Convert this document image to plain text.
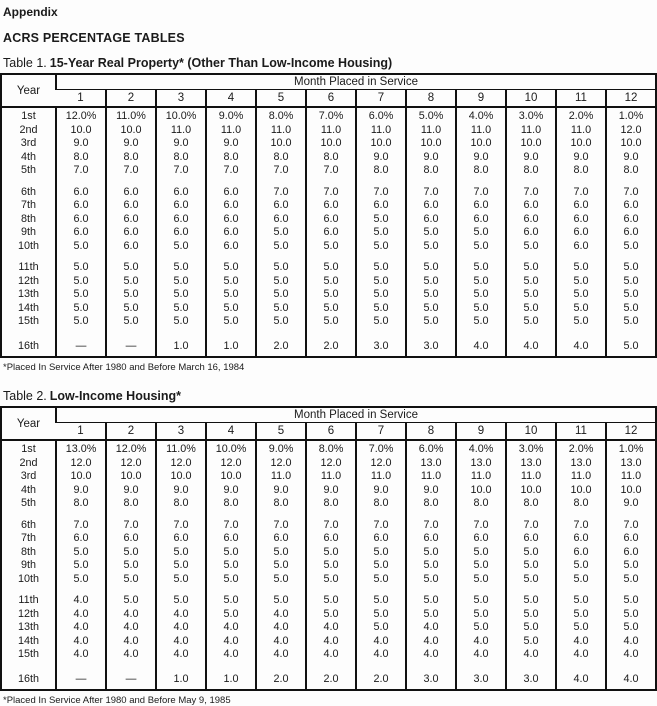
Appendix
ACRS PERCENTAGE TABLES
Table 1. 15-Year Real Property* (Other Than Low-Income Housing)
Year	Month Placed in Service											
	1	2	3	4	5	6	7	8	9	10	11	12
1st	12.0%	11.0%	10.0%	9.0%	8.0%	7.0%	6.0%	5.0%	4.0%	3.0%	2.0%	1.0%
2nd	10.0	10.0	11.0	11.0	11.0	11.0	11.0	11.0	11.0	11.0	11.0	12.0
3rd	9.0	9.0	9.0	9.0	10.0	10.0	10.0	10.0	10.0	10.0	10.0	10.0
4th	8.0	8.0	8.0	8.0	8.0	8.0	9.0	9.0	9.0	9.0	9.0	9.0
5th	7.0	7.0	7.0	7.0	7.0	7.0	8.0	8.0	8.0	8.0	8.0	8.0

6th	6.0	6.0	6.0	6.0	7.0	7.0	7.0	7.0	7.0	7.0	7.0	7.0
7th	6.0	6.0	6.0	6.0	6.0	6.0	6.0	6.0	6.0	6.0	6.0	6.0
8th	6.0	6.0	6.0	6.0	6.0	6.0	5.0	6.0	6.0	6.0	6.0	6.0
9th	6.0	6.0	6.0	6.0	5.0	6.0	5.0	5.0	5.0	6.0	6.0	6.0
10th	5.0	6.0	5.0	6.0	5.0	5.0	5.0	5.0	5.0	5.0	6.0	5.0

11th	5.0	5.0	5.0	5.0	5.0	5.0	5.0	5.0	5.0	5.0	5.0	5.0
12th	5.0	5.0	5.0	5.0	5.0	5.0	5.0	5.0	5.0	5.0	5.0	5.0
13th	5.0	5.0	5.0	5.0	5.0	5.0	5.0	5.0	5.0	5.0	5.0	5.0
14th	5.0	5.0	5.0	5.0	5.0	5.0	5.0	5.0	5.0	5.0	5.0	5.0
15th	5.0	5.0	5.0	5.0	5.0	5.0	5.0	5.0	5.0	5.0	5.0	5.0

16th	—	—	1.0	1.0	2.0	2.0	3.0	3.0	4.0	4.0	4.0	5.0
*Placed In Service After 1980 and Before March 16, 1984
Table 2. Low-Income Housing*
Year	Month Placed in Service											
	1	2	3	4	5	6	7	8	9	10	11	12
1st	13.0%	12.0%	11.0%	10.0%	9.0%	8.0%	7.0%	6.0%	4.0%	3.0%	2.0%	1.0%
2nd	12.0	12.0	12.0	12.0	12.0	12.0	12.0	13.0	13.0	13.0	13.0	13.0
3rd	10.0	10.0	10.0	10.0	11.0	11.0	11.0	11.0	11.0	11.0	11.0	11.0
4th	9.0	9.0	9.0	9.0	9.0	9.0	9.0	9.0	10.0	10.0	10.0	10.0
5th	8.0	8.0	8.0	8.0	8.0	8.0	8.0	8.0	8.0	8.0	8.0	9.0

6th	7.0	7.0	7.0	7.0	7.0	7.0	7.0	7.0	7.0	7.0	7.0	7.0
7th	6.0	6.0	6.0	6.0	6.0	6.0	6.0	6.0	6.0	6.0	6.0	6.0
8th	5.0	5.0	5.0	5.0	5.0	5.0	5.0	5.0	5.0	5.0	6.0	6.0
9th	5.0	5.0	5.0	5.0	5.0	5.0	5.0	5.0	5.0	5.0	5.0	5.0
10th	5.0	5.0	5.0	5.0	5.0	5.0	5.0	5.0	5.0	5.0	5.0	5.0

11th	4.0	5.0	5.0	5.0	5.0	5.0	5.0	5.0	5.0	5.0	5.0	5.0
12th	4.0	4.0	4.0	5.0	4.0	5.0	5.0	5.0	5.0	5.0	5.0	5.0
13th	4.0	4.0	4.0	4.0	4.0	4.0	5.0	4.0	5.0	5.0	5.0	5.0
14th	4.0	4.0	4.0	4.0	4.0	4.0	4.0	4.0	4.0	5.0	4.0	4.0
15th	4.0	4.0	4.0	4.0	4.0	4.0	4.0	4.0	4.0	4.0	4.0	4.0

16th	—	—	1.0	1.0	2.0	2.0	2.0	3.0	3.0	3.0	4.0	4.0
*Placed In Service After 1980 and Before May 9, 1985
